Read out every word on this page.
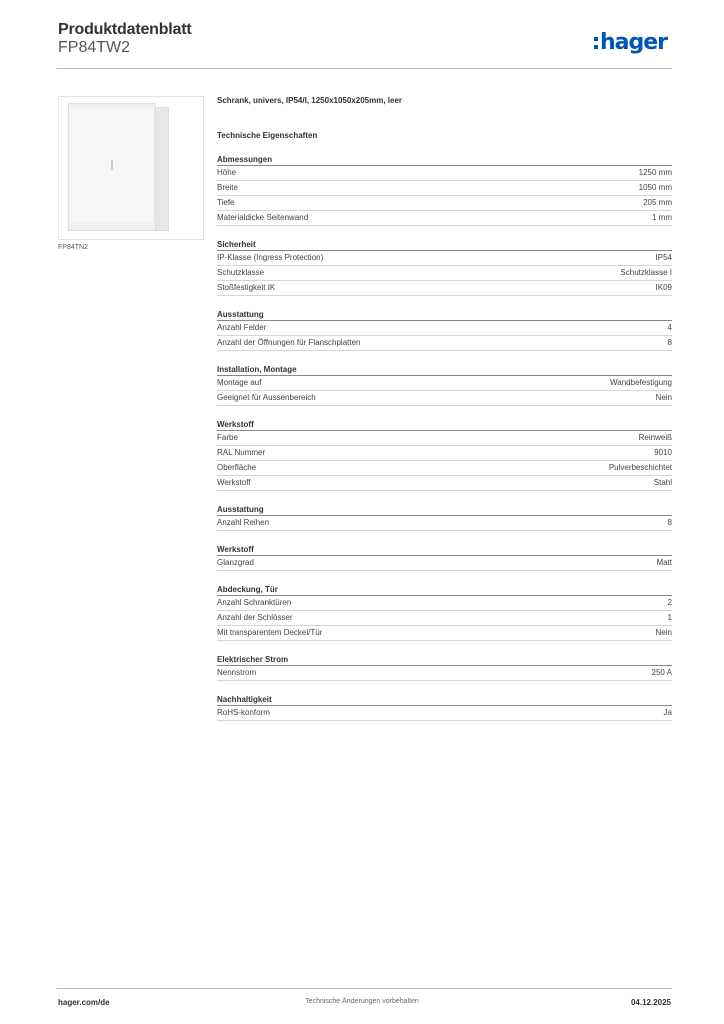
Produktdatenblatt
FP84TW2	hager
FP84TN2
Schrank, univers, IP54/I, 1250x1050x205mm, leer
Technische Eigenschaften
Abmessungen
Höhe	1250 mm
Breite	1050 mm
Tiefe	205 mm
Materialdicke Seitenwand	1 mm
Sicherheit
IP-Klasse (Ingress Protection)	IP54
Schutzklasse	Schutzklasse I
Stoßfestigkeit IK	IK09
Ausstattung
Anzahl Felder	4
Anzahl der Öffnungen für Flanschplatten	8
Installation, Montage
Montage auf	Wandbefestigung
Geeignet für Aussenbereich	Nein
Werkstoff
Farbe	Reinweiß
RAL Nummer	9010
Oberfläche	Pulverbeschichtet
Werkstoff	Stahl
Ausstattung
Anzahl Reihen	8
Werkstoff
Glanzgrad	Matt
Abdeckung, Tür
Anzahl Schranktüren	2
Anzahl der Schlösser	1
Mit transparentem Deckel/Tür	Nein
Elektrischer Strom
Nennstrom	250 A
Nachhaltigkeit
RoHS-konform	Ja
hager.com/de	Technische Änderungen vorbehalten	04.12.2025
